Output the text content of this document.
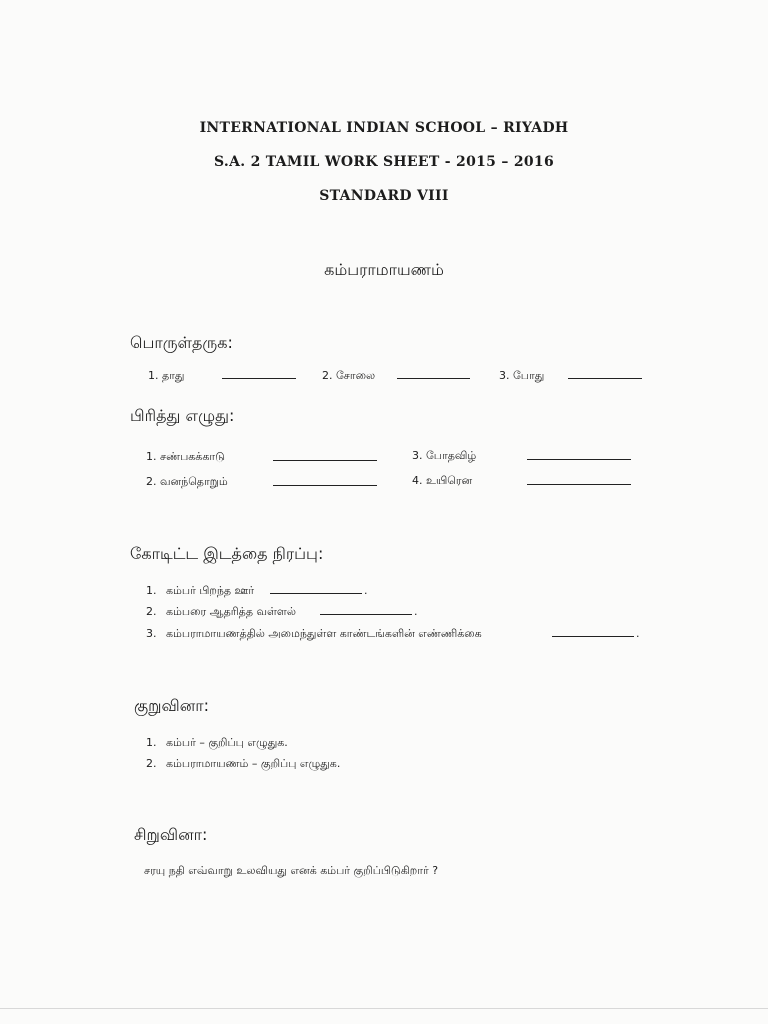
INTERNATIONAL INDIAN SCHOOL – RIYADH
S.A. 2 TAMIL WORK SHEET - 2015 – 2016
STANDARD VIII
கம்பராமாயணம்
பொருள்தருக:
1. தாது	2. சோலை	3. போது
பிரித்து எழுது:
1. சண்பகக்காடு
2. வனந்தொறும்
3. போதவிழ்
4. உயிரென
கோடிட்ட இடத்தை நிரப்பு:
1. கம்பர் பிறந்த ஊர்	.
2. கம்பரை ஆதரித்த வள்ளல்	.
3. கம்பராமாயணத்தில் அமைந்துள்ள காண்டங்களின் எண்ணிக்கை	.
குறுவினா:
1. கம்பர் – குறிப்பு எழுதுக.
2. கம்பராமாயணம் – குறிப்பு எழுதுக.
சிறுவினா:
சரயு நதி எவ்வாறு உலவியது எனக் கம்பர் குறிப்பிடுகிறார் ?
